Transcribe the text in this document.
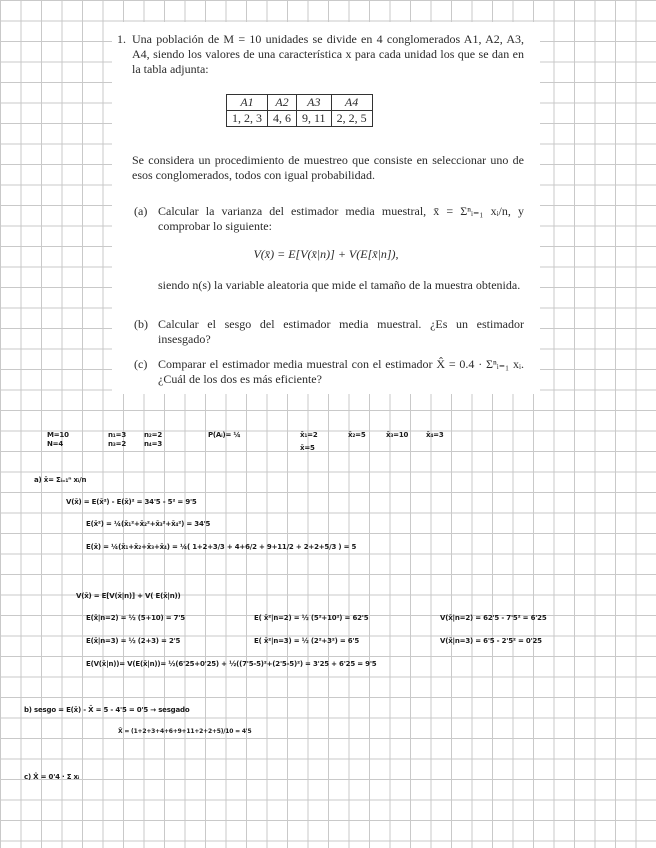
1. Una población de M = 10 unidades se divide en 4 conglomerados A1, A2, A3, A4, siendo los valores de una característica x para cada unidad los que se dan en la tabla adjunta:
A1	A2	A3	A4
1, 2, 3	4, 6	9, 11	2, 2, 5
Se considera un procedimiento de muestreo que consiste en seleccionar uno de esos conglomerados, todos con igual probabilidad.
(a) Calcular la varianza del estimador media muestral, x̄ = Σⁿᵢ₌₁ xᵢ/n, y comprobar lo siguiente:
V(x̄) = E[V(x̄|n)] + V(E[x̄|n]),
siendo n(s) la variable aleatoria que mide el tamaño de la muestra obtenida.
(b) Calcular el sesgo del estimador media muestral. ¿Es un estimador insesgado?
(c) Comparar el estimador media muestral con el estimador X̂ = 0.4 · Σⁿᵢ₌₁ xᵢ. ¿Cuál de los dos es más eficiente?
M=10
N=4
n₁=3
n₃=2
n₂=2
n₄=3
P(Aᵢ)= ¼	x̄₁=2
x̄=5
x̄₂=5	x̄₃=10	x̄₄=3
a) x̄= Σᵢ₌₁ⁿ xᵢ/n
V(x̄) = E(x̄²) - E(x̄)² = 34'5 - 5² = 9'5
E(x̄²) = ¼(x̄₁²+x̄₂²+x̄₃²+x̄₄²) = 34'5
E(x̄) = ¼(x̄₁+x̄₂+x̄₃+x̄₄) = ¼( 1+2+3/3 + 4+6/2 + 9+11/2 + 2+2+5/3 ) = 5
V(x̄) = E[V(x̄|n)] + V( E(x̄|n))
E(x̄|n=2) = ½ (5+10) = 7'5	E( x̄²|n=2) = ½ (5²+10²) = 62'5	V(x̄|n=2) = 62'5 - 7'5² = 6'25
E(x̄|n=3) = ½ (2+3) = 2'5	E( x̄²|n=3) = ½ (2²+3²) = 6'5	V(x̄|n=3) = 6'5 - 2'5² = 0'25
E(V(x̄|n))= V(E(x̄|n))= ½(6'25+0'25) + ½((7'5-5)²+(2'5-5)²) = 3'25 + 6'25 = 9'5
b) sesgo = E(x̄) - X̄ = 5 - 4'5 = 0'5 → sesgado
X̄ = (1+2+3+4+6+9+11+2+2+5)/10 = 4'5
c) X̂ = 0'4 · Σ xᵢ
